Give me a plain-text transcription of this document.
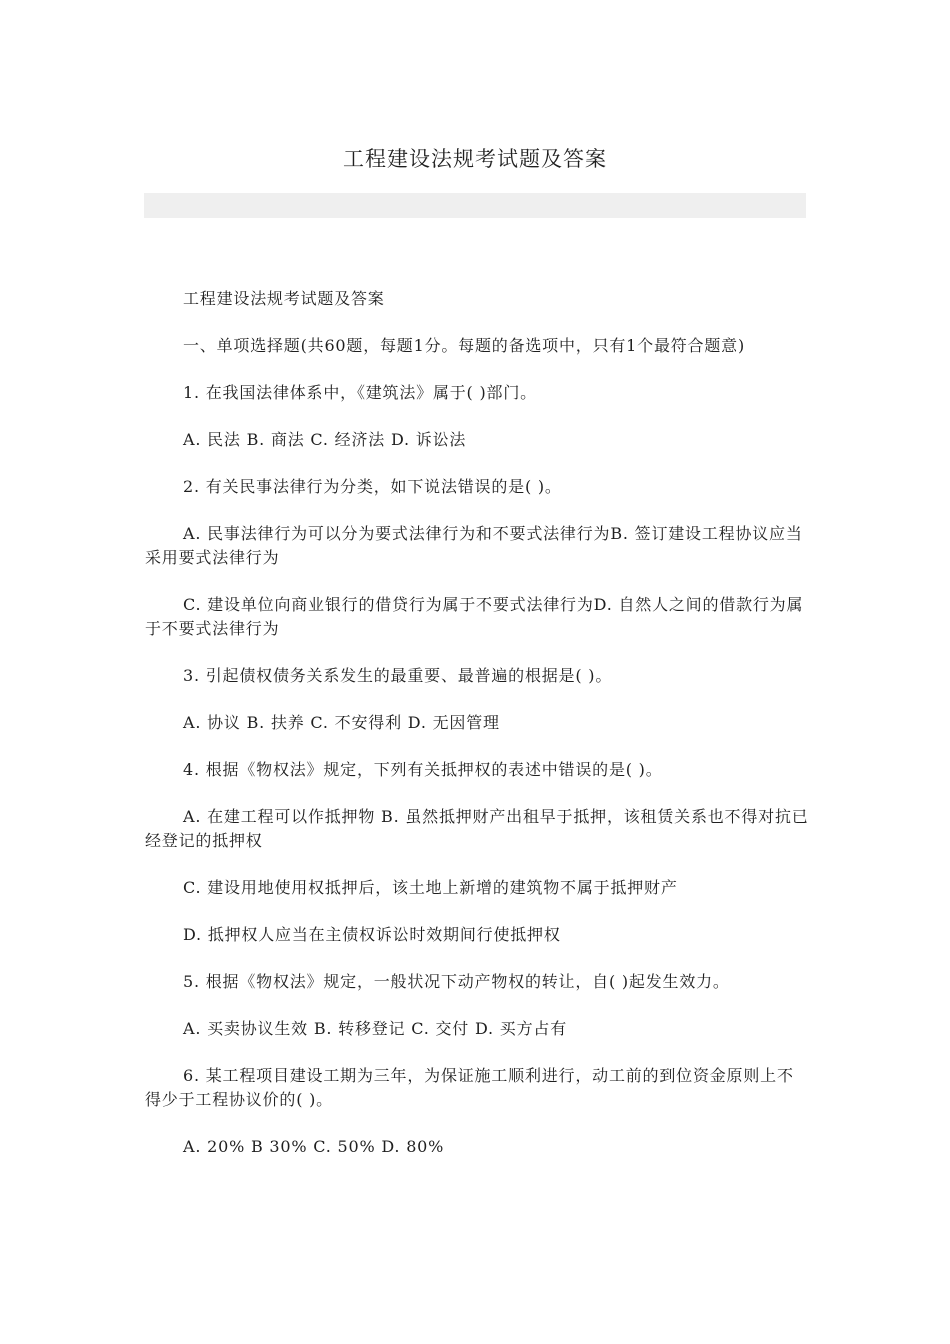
工程建设法规考试题及答案

工程建设法规考试题及答案

一、单项选择题(共60题，每题1分。每题的备选项中，只有1个最符合题意)

1. 在我国法律体系中，《建筑法》属于( )部门。

A. 民法 B. 商法 C. 经济法 D. 诉讼法

2. 有关民事法律行为分类，如下说法错误的是( )。

A. 民事法律行为可以分为要式法律行为和不要式法律行为B. 签订建设工程协议应当采用要式法律行为

C. 建设单位向商业银行的借贷行为属于不要式法律行为D. 自然人之间的借款行为属于不要式法律行为

3. 引起债权债务关系发生的最重要、最普遍的根据是( )。

A. 协议 B. 扶养 C. 不安得利 D. 无因管理

4. 根据《物权法》规定，下列有关抵押权的表述中错误的是( )。

A. 在建工程可以作抵押物 B. 虽然抵押财产出租早于抵押，该租赁关系也不得对抗已经登记的抵押权

C. 建设用地使用权抵押后，该土地上新增的建筑物不属于抵押财产

D. 抵押权人应当在主债权诉讼时效期间行使抵押权

5. 根据《物权法》规定，一般状况下动产物权的转让，自( )起发生效力。

A. 买卖协议生效 B. 转移登记 C. 交付 D. 买方占有

6. 某工程项目建设工期为三年，为保证施工顺利进行，动工前的到位资金原则上不得少于工程协议价的( )。

A. 20% B 30% C. 50% D. 80%
